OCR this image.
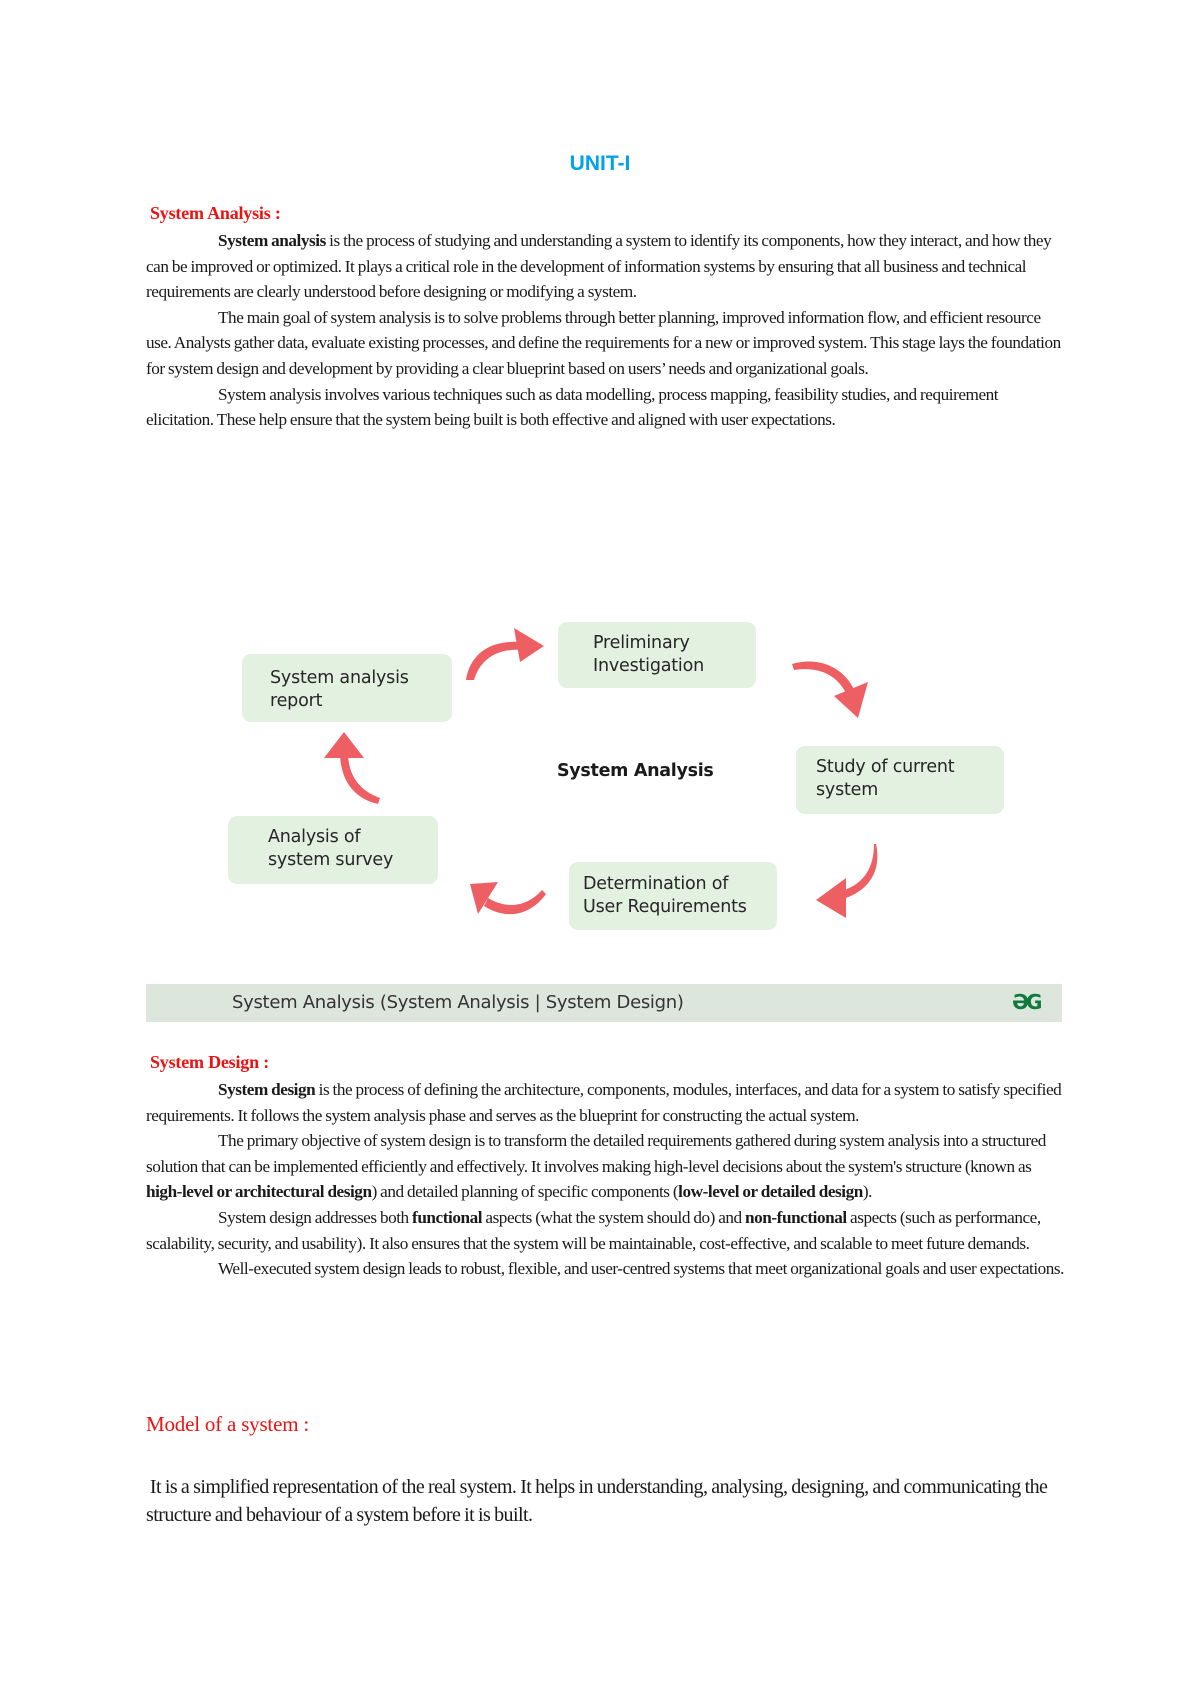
UNIT-I
System Analysis :

System analysis is the process of studying and understanding a system to identify its components, how they interact, and how they can be improved or optimized. It plays a critical role in the development of information systems by ensuring that all business and technical requirements are clearly understood before designing or modifying a system.

The main goal of system analysis is to solve problems through better planning, improved information flow, and efficient resource use. Analysts gather data, evaluate existing processes, and define the requirements for a new or improved system. This stage lays the foundation for system design and development by providing a clear blueprint based on users’ needs and organizational goals.

System analysis involves various techniques such as data modelling, process mapping, feasibility studies, and requirement elicitation. These help ensure that the system being built is both effective and aligned with user expectations.

Preliminary
Investigation
Study of current
system
Determination of
User Requirements
Analysis of
system survey
System analysis
report
System Analysis
System Analysis (System Analysis | System Design)	ƏG
System Design :

System design is the process of defining the architecture, components, modules, interfaces, and data for a system to satisfy specified requirements. It follows the system analysis phase and serves as the blueprint for constructing the actual system.

The primary objective of system design is to transform the detailed requirements gathered during system analysis into a structured solution that can be implemented efficiently and effectively. It involves making high-level decisions about the system's structure (known as high-level or architectural design) and detailed planning of specific components (low-level or detailed design).

System design addresses both functional aspects (what the system should do) and non-functional aspects (such as performance, scalability, security, and usability). It also ensures that the system will be maintainable, cost-effective, and scalable to meet future demands.

Well-executed system design leads to robust, flexible, and user-centred systems that meet organizational goals and user expectations.

Model of a system :
It is a simplified representation of the real system. It helps in understanding, analysing, designing, and communicating the structure and behaviour of a system before it is built.
